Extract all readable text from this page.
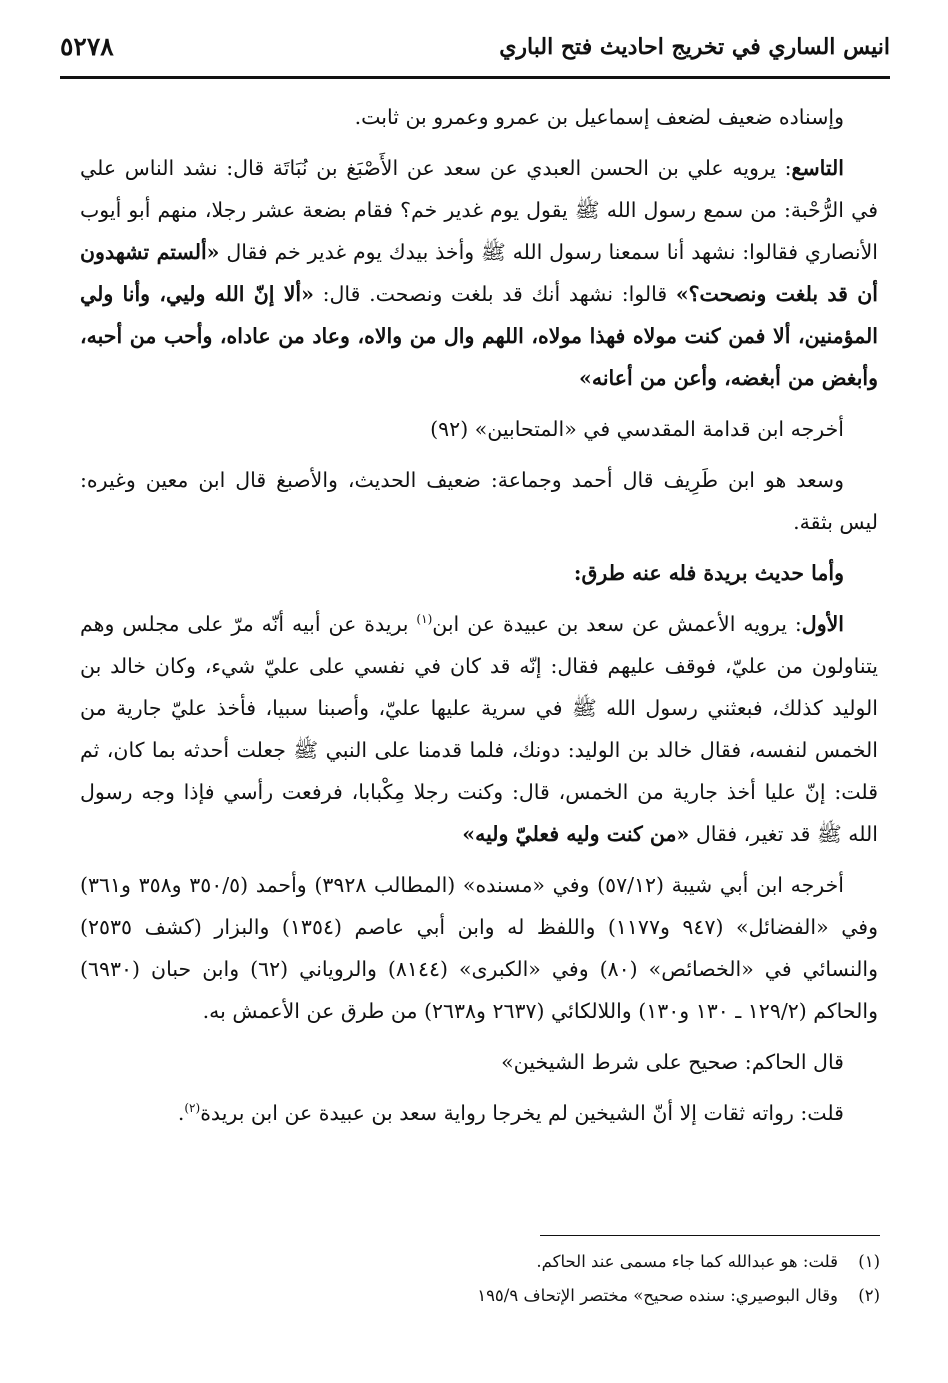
انيس الساري في تخريج احاديث فتح الباري
٥٢٧٨

وإسناده ضعيف لضعف إسماعيل بن عمرو وعمرو بن ثابت.

التاسع: يرويه علي بن الحسن العبدي عن سعد عن الأَصْبَغ بن نُبَاتَة قال: نشد الناس علي في الرُّحْبة: من سمع رسول الله ﷺ يقول يوم غدير خم؟ فقام بضعة عشر رجلا، منهم أبو أيوب الأنصاري فقالوا: نشهد أنا سمعنا رسول الله ﷺ وأخذ بيدك يوم غدير خم فقال «ألستم تشهدون أن قد بلغت ونصحت؟» قالوا: نشهد أنك قد بلغت ونصحت. قال: «ألا إنّ الله وليي، وأنا ولي المؤمنين، ألا فمن كنت مولاه فهذا مولاه، اللهم وال من والاه، وعاد من عاداه، وأحب من أحبه، وأبغض من أبغضه، وأعن من أعانه»

أخرجه ابن قدامة المقدسي في «المتحابين» (٩٢)

وسعد هو ابن طَرِيف قال أحمد وجماعة: ضعيف الحديث، والأصبغ قال ابن معين وغيره: ليس بثقة.

وأما حديث بريدة فله عنه طرق:

الأول: يرويه الأعمش عن سعد بن عبيدة عن ابن$^{(١)}$ بريدة عن أبيه أنّه مرّ على مجلس وهم يتناولون من عليّ، فوقف عليهم فقال: إنّه قد كان في نفسي على عليّ شيء، وكان خالد بن الوليد كذلك، فبعثني رسول الله ﷺ في سرية عليها عليّ، وأصبنا سبيا، فأخذ عليّ جارية من الخمس لنفسه، فقال خالد بن الوليد: دونك، فلما قدمنا على النبي ﷺ جعلت أحدثه بما كان، ثم قلت: إنّ عليا أخذ جارية من الخمس، قال: وكنت رجلا مِكْبابا، فرفعت رأسي فإذا وجه رسول الله ﷺ قد تغير، فقال «من كنت وليه فعليّ وليه»

أخرجه ابن أبي شيبة (٥٧/١٢) وفي «مسنده» (المطالب ٣٩٢٨) وأحمد (٣٥٠/٥ و٣٥٨ و٣٦١) وفي «الفضائل» (٩٤٧ و١١٧٧) واللفظ له وابن أبي عاصم (١٣٥٤) والبزار (كشف ٢٥٣٥) والنسائي في «الخصائص» (٨٠) وفي «الكبرى» (٨١٤٤) والروياني (٦٢) وابن حبان (٦٩٣٠) والحاكم (١٢٩/٢ ـ ١٣٠ و١٣٠) واللالكائي (٢٦٣٧ و٢٦٣٨) من طرق عن الأعمش به.

قال الحاكم: صحيح على شرط الشيخين»

قلت: رواته ثقات إلا أنّ الشيخين لم يخرجا رواية سعد بن عبيدة عن ابن بريدة$^{(٢)}$.

(١)قلت: هو عبدالله كما جاء مسمى عند الحاكم.

(٢)وقال البوصيري: سنده صحيح» مختصر الإتحاف ١٩٥/٩
